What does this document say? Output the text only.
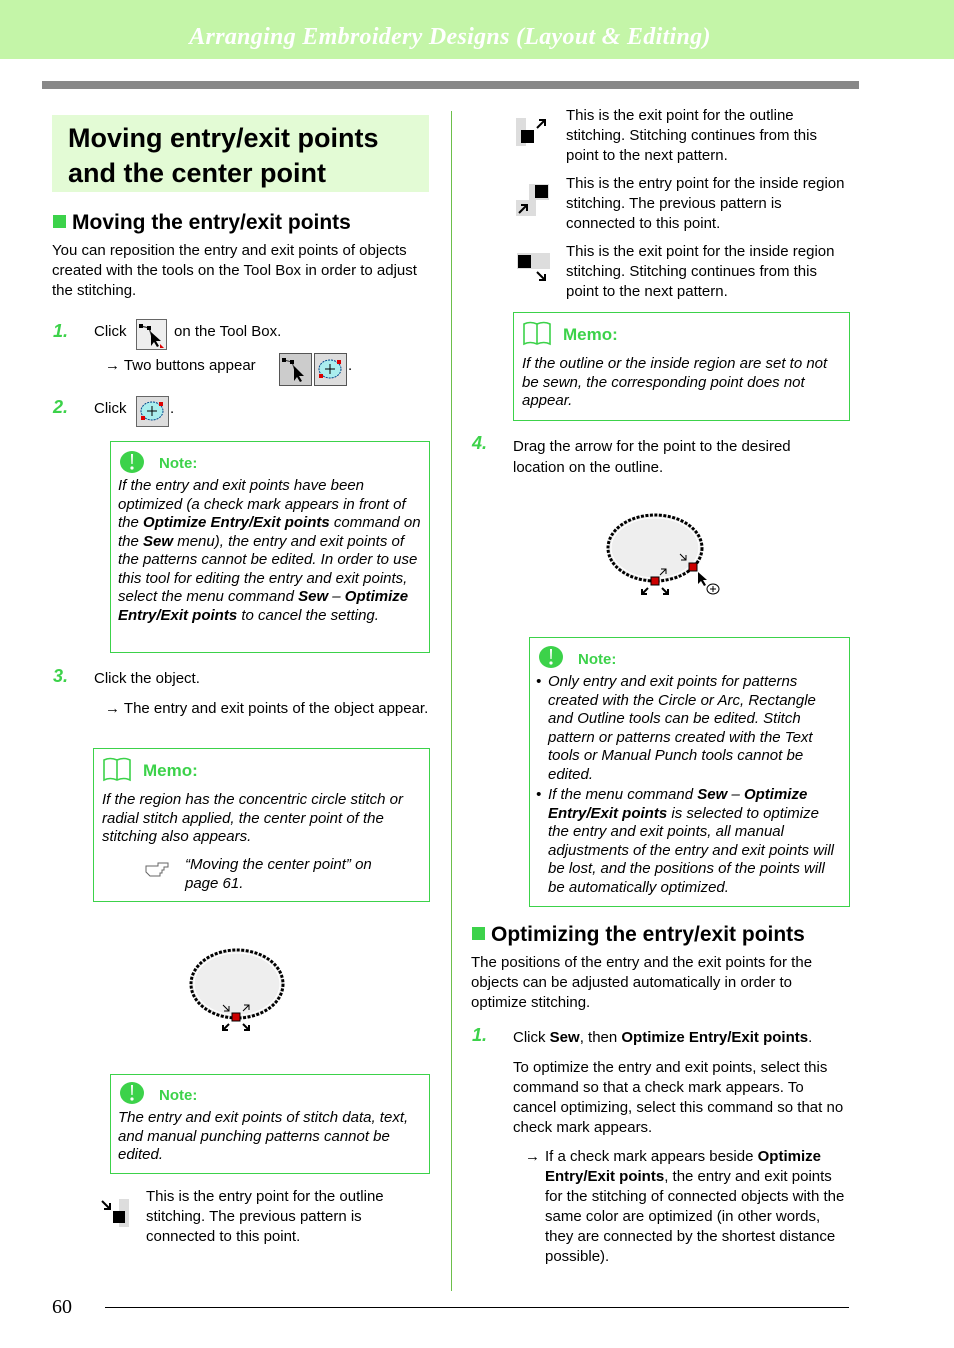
Arranging Embroidery Designs (Layout & Editing)
Moving entry/exit points
and the center point
Moving the entry/exit points
You can reposition the entry and exit points of objects created with the tools on the Tool Box in order to adjust the stitching.
1. Click	on the Tool Box.
→ Two buttons appear	.
2. Click	.
Note:
If the entry and exit points have been optimized (a check mark appears in front of the Optimize Entry/Exit points command on the Sew menu), the entry and exit points of the patterns cannot be edited. In order to use this tool for editing the entry and exit points, select the menu command Sew – Optimize Entry/Exit points to cancel the setting.
3. Click the object.
→ The entry and exit points of the object appear.
Memo:
If the region has the concentric circle stitch or radial stitch applied, the center point of the stitching also appears.
“Moving the center point” on page 61.
Note:
The entry and exit points of stitch data, text, and manual punching patterns cannot be edited.
This is the entry point for the outline stitching. The previous pattern is connected to this point.
This is the exit point for the outline stitching. Stitching continues from this point to the next pattern.
This is the entry point for the inside region stitching. The previous pattern is connected to this point.
This is the exit point for the inside region stitching. Stitching continues from this point to the next pattern.
Memo:
If the outline or the inside region are set to not be sewn, the corresponding point does not appear.
4. Drag the arrow for the point to the desired location on the outline.
Note:
• Only entry and exit points for patterns created with the Circle or Arc, Rectangle and Outline tools can be edited. Stitch pattern or patterns created with the Text tools or Manual Punch tools cannot be edited.
• If the menu command Sew – Optimize Entry/Exit points is selected to optimize the entry and exit points, all manual adjustments of the entry and exit points will be lost, and the positions of the points will be automatically optimized.
Optimizing the entry/exit points
The positions of the entry and the exit points for the objects can be adjusted automatically in order to optimize stitching.
1. Click Sew, then Optimize Entry/Exit points.
To optimize the entry and exit points, select this command so that a check mark appears. To cancel optimizing, select this command so that no check mark appears.
→ If a check mark appears beside Optimize Entry/Exit points, the entry and exit points for the stitching of connected objects with the same color are optimized (in other words, they are connected by the shortest distance possible).
60
